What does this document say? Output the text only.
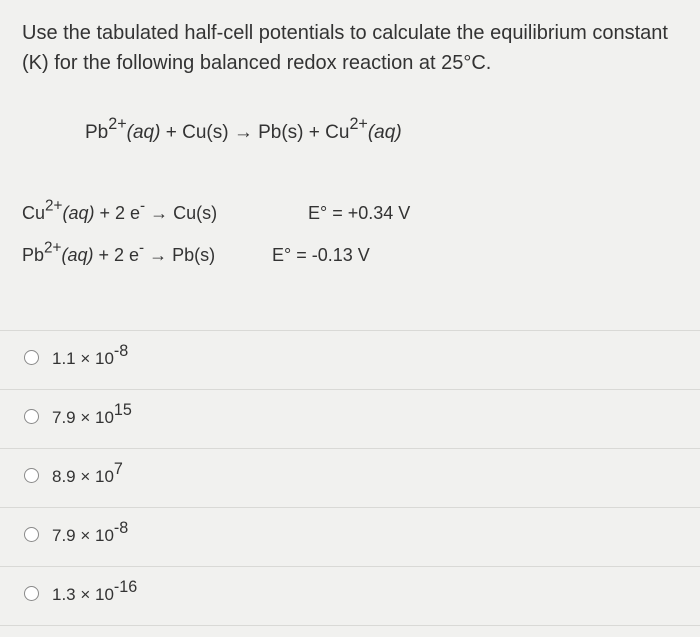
Use the tabulated half-cell potentials to calculate the equilibrium constant (K) for the following balanced redox reaction at 25°C.
$Pb^{2+}(aq) + Cu(s) \to Pb(s) + Cu^{2+}(aq)$
$Cu^{2+}(aq) + 2$ e- → Cu(s)	E° = +0.34 V
$Pb^{2+}(aq) + 2$ e- → Pb(s)	E° = -0.13 V
$1.1 \times 10^{-8}$
$7.9 \times 10^{15}$
$8.9 \times 10^7$
$7.9 \times 10^{-8}$
$1.3 \times 10^{-16}$
